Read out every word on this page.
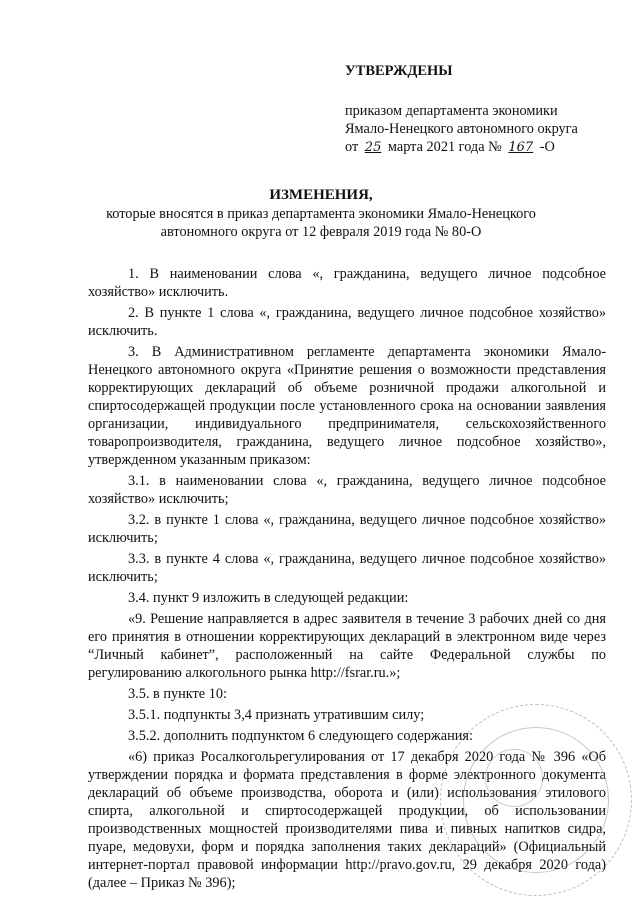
УТВЕРЖДЕНЫ
приказом департамента экономики
Ямало-Ненецкого автономного округа
от 25 марта 2021 года № 167 -О
ИЗМЕНЕНИЯ,
которые вносятся в приказ департамента экономики Ямало-Ненецкого автономного округа от 12 февраля 2019 года № 80-О

1. В наименовании слова «, гражданина, ведущего личное подсобное хозяйство» исключить.

2. В пункте 1 слова «, гражданина, ведущего личное подсобное хозяйство» исключить.

3. В Административном регламенте департамента экономики Ямало-Ненецкого автономного округа «Принятие решения о возможности представления корректирующих деклараций об объеме розничной продажи алкогольной и спиртосодержащей продукции после установленного срока на основании заявления организации, индивидуального предпринимателя, сельскохозяйственного товаропроизводителя, гражданина, ведущего личное подсобное хозяйство», утвержденном указанным приказом:

3.1. в наименовании слова «, гражданина, ведущего личное подсобное хозяйство» исключить;

3.2. в пункте 1 слова «, гражданина, ведущего личное подсобное хозяйство» исключить;

3.3. в пункте 4 слова «, гражданина, ведущего личное подсобное хозяйство» исключить;

3.4. пункт 9 изложить в следующей редакции:

«9. Решение направляется в адрес заявителя в течение 3 рабочих дней со дня его принятия в отношении корректирующих деклараций в электронном виде через “Личный кабинет”, расположенный на сайте Федеральной службы по регулированию алкогольного рынка http://fsrar.ru.»;

3.5. в пункте 10:

3.5.1. подпункты 3,4 признать утратившим силу;

3.5.2. дополнить подпунктом 6 следующего содержания:

«6) приказ Росалкогольрегулирования от 17 декабря 2020 года № 396 «Об утверждении порядка и формата представления в форме электронного документа деклараций об объеме производства, оборота и (или) использования этилового спирта, алкогольной и спиртосодержащей продукции, об использовании производственных мощностей производителями пива и пивных напитков сидра, пуаре, медовухи, форм и порядка заполнения таких деклараций» (Официальный интернет-портал правовой информации http://pravo.gov.ru, 29 декабря 2020 года) (далее – Приказ № 396);
